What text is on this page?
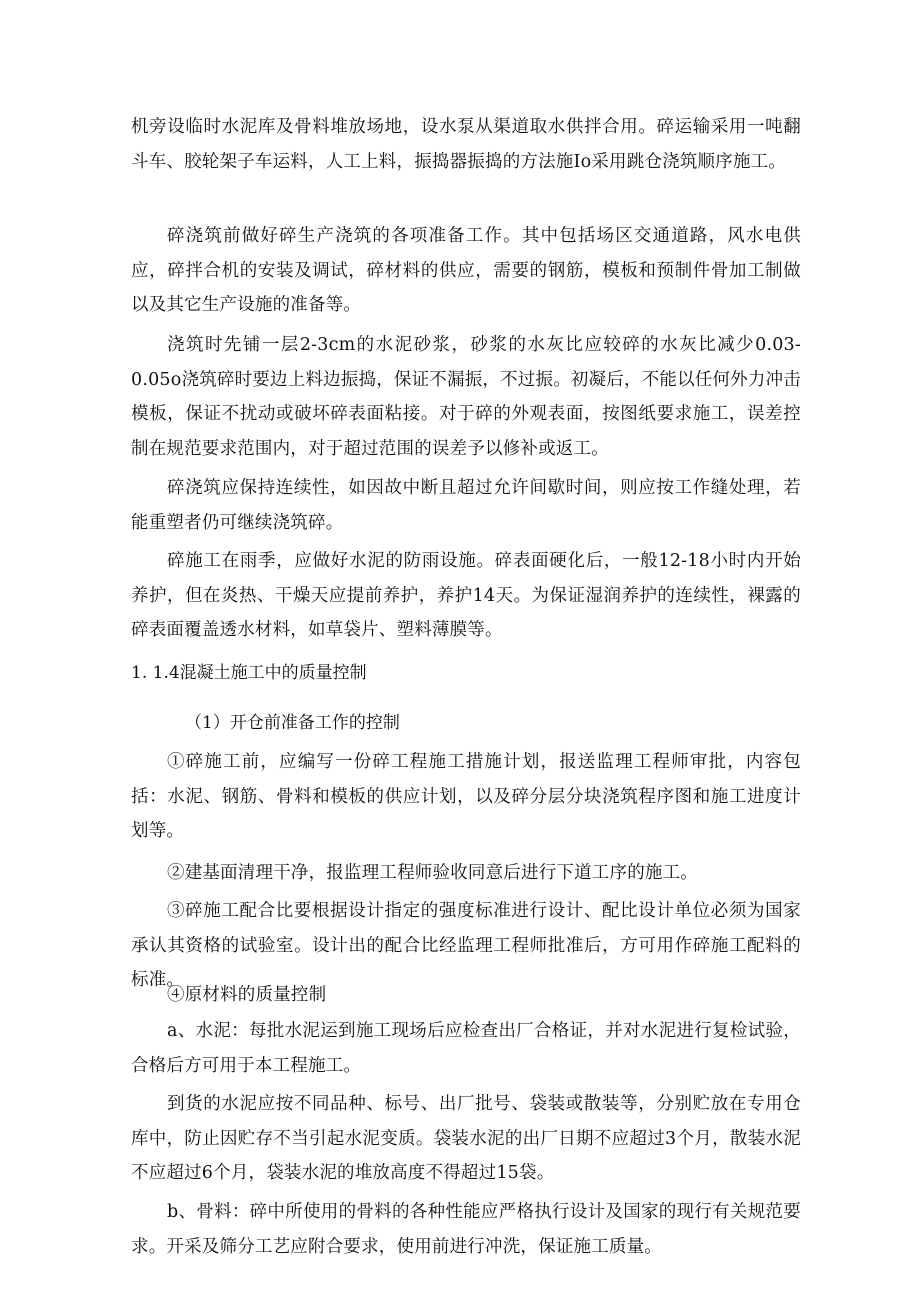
机旁设临时水泥库及骨料堆放场地，设水泵从渠道取水供拌合用。碎运输采用一吨翻斗车、胶轮架子车运料，人工上料，振捣器振捣的方法施Io采用跳仓浇筑顺序施工。

碎浇筑前做好碎生产浇筑的各项准备工作。其中包括场区交通道路，风水电供应，碎拌合机的安装及调试，碎材料的供应，需要的钢筋，模板和预制件骨加工制做以及其它生产设施的准备等。

浇筑时先铺一层2-3cm的水泥砂浆，砂浆的水灰比应较碎的水灰比减少0.03-0.05o浇筑碎时要边上料边振捣，保证不漏振，不过振。初凝后，不能以任何外力冲击模板，保证不扰动或破坏碎表面粘接。对于碎的外观表面，按图纸要求施工，误差控制在规范要求范围内，对于超过范围的误差予以修补或返工。

碎浇筑应保持连续性，如因故中断且超过允许间歇时间，则应按工作缝处理，若能重塑者仍可继续浇筑碎。

碎施工在雨季，应做好水泥的防雨设施。碎表面硬化后，一般12-18小时内开始养护，但在炎热、干燥天应提前养护，养护14天。为保证湿润养护的连续性，裸露的碎表面覆盖透水材料，如草袋片、塑料薄膜等。

1. 1.4混凝土施工中的质量控制
（1）开仓前准备工作的控制

①碎施工前，应编写一份碎工程施工措施计划，报送监理工程师审批，内容包括：水泥、钢筋、骨料和模板的供应计划，以及碎分层分块浇筑程序图和施工进度计划等。

②建基面清理干净，报监理工程师验收同意后进行下道工序的施工。

③碎施工配合比要根据设计指定的强度标准进行设计、配比设计单位必须为国家承认其资格的试验室。设计出的配合比经监理工程师批准后，方可用作碎施工配料的标准。

④原材料的质量控制

a、水泥：每批水泥运到施工现场后应检查出厂合格证，并对水泥进行复检试验，合格后方可用于本工程施工。

到货的水泥应按不同品种、标号、出厂批号、袋装或散装等，分别贮放在专用仓库中，防止因贮存不当引起水泥变质。袋装水泥的出厂日期不应超过3个月，散装水泥不应超过6个月，袋装水泥的堆放高度不得超过15袋。

b、骨料：碎中所使用的骨料的各种性能应严格执行设计及国家的现行有关规范要求。开采及筛分工艺应附合要求，使用前进行冲洗，保证施工质量。
